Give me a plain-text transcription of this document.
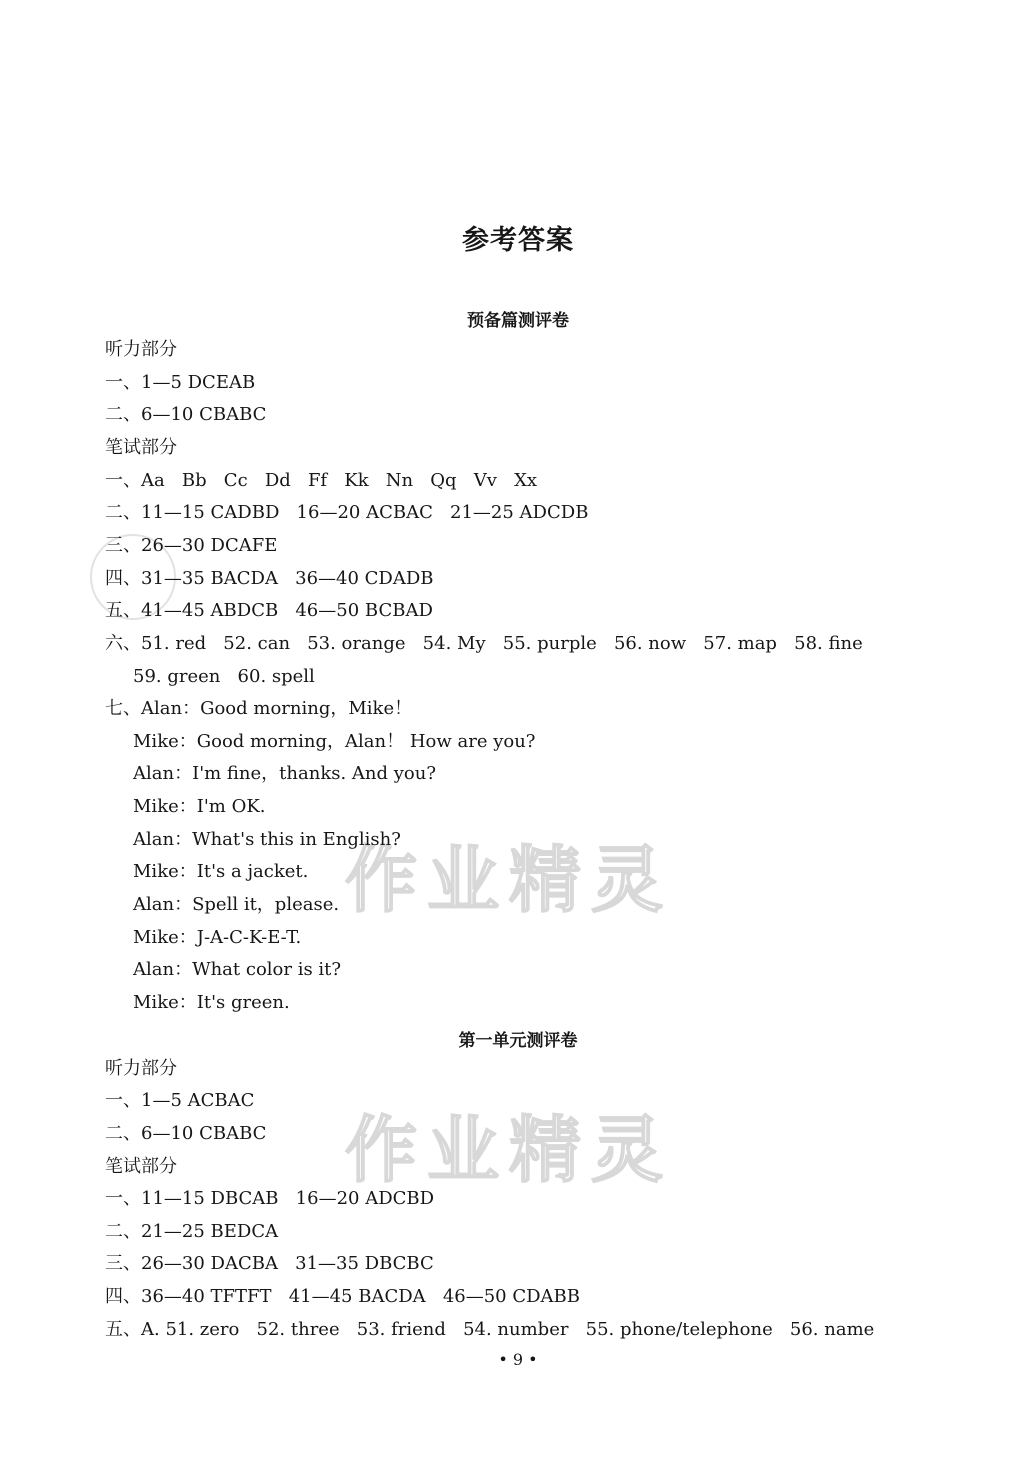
作业精灵
作业精灵
参考答案
预备篇测评卷
听力部分
一、1—5 DCEAB
二、6—10 CBABC
笔试部分
一、Aa   Bb   Cc   Dd   Ff   Kk   Nn   Qq   Vv   Xx
二、11—15 CADBD   16—20 ACBAC   21—25 ADCDB
三、26—30 DCAFE
四、31—35 BACDA   36—40 CDADB
五、41—45 ABDCB   46—50 BCBAD
六、51. red   52. can   53. orange   54. My   55. purple   56. now   57. map   58. fine
59. green   60. spell
七、Alan：Good morning，Mike！
Mike：Good morning，Alan！ How are you?
Alan：I'm fine，thanks. And you?
Mike：I'm OK.
Alan：What's this in English?
Mike：It's a jacket.
Alan：Spell it，please.
Mike：J-A-C-K-E-T.
Alan：What color is it?
Mike：It's green.
第一单元测评卷
听力部分
一、1—5 ACBAC
二、6—10 CBABC
笔试部分
一、11—15 DBCAB   16—20 ADCBD
二、21—25 BEDCA
三、26—30 DACBA   31—35 DBCBC
四、36—40 TFTFT   41—45 BACDA   46—50 CDABB
五、A. 51. zero   52. three   53. friend   54. number   55. phone/telephone   56. name
• 9 •
